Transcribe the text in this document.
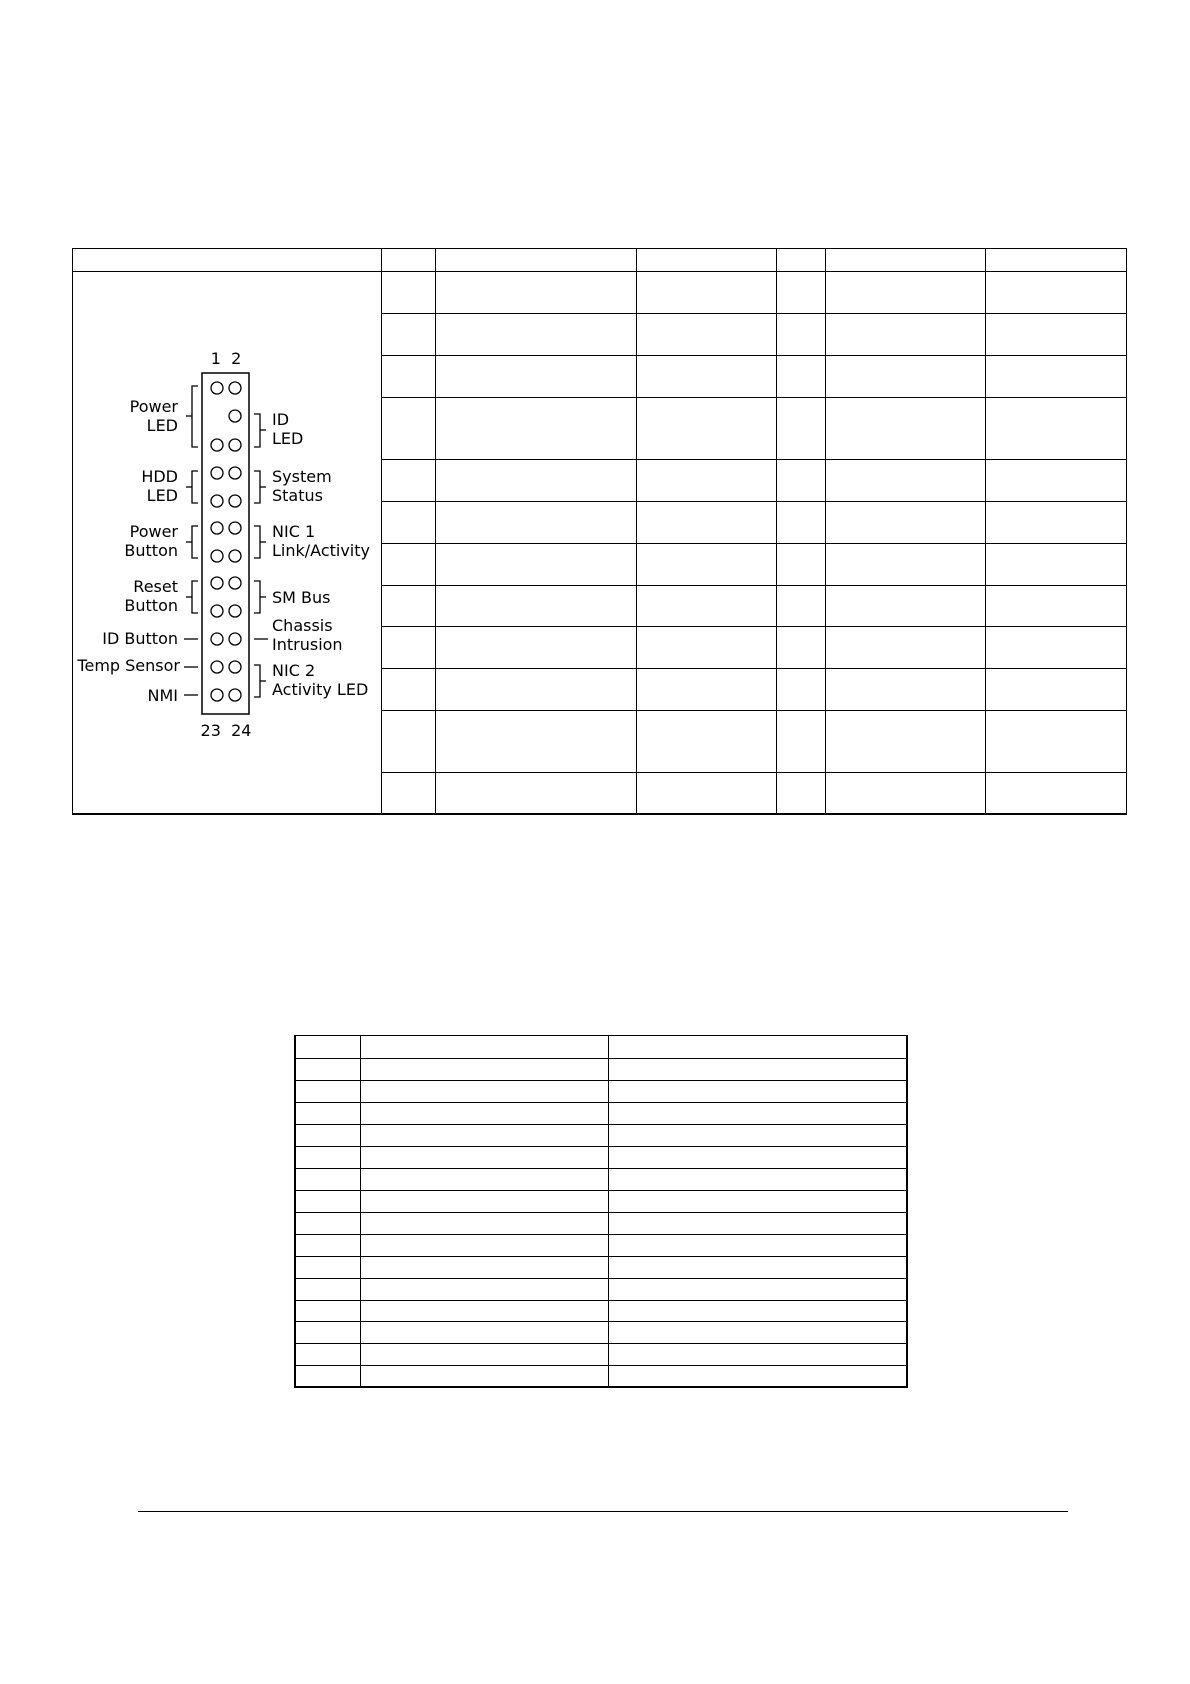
1  2
23  24
Power
LED
HDD
LED
Power
Button
Reset
Button
ID Button
Temp Sensor
NMI
ID
LED
System
Status
NIC 1
Link/Activity
SM Bus
Chassis
Intrusion
NIC 2
Activity LED
